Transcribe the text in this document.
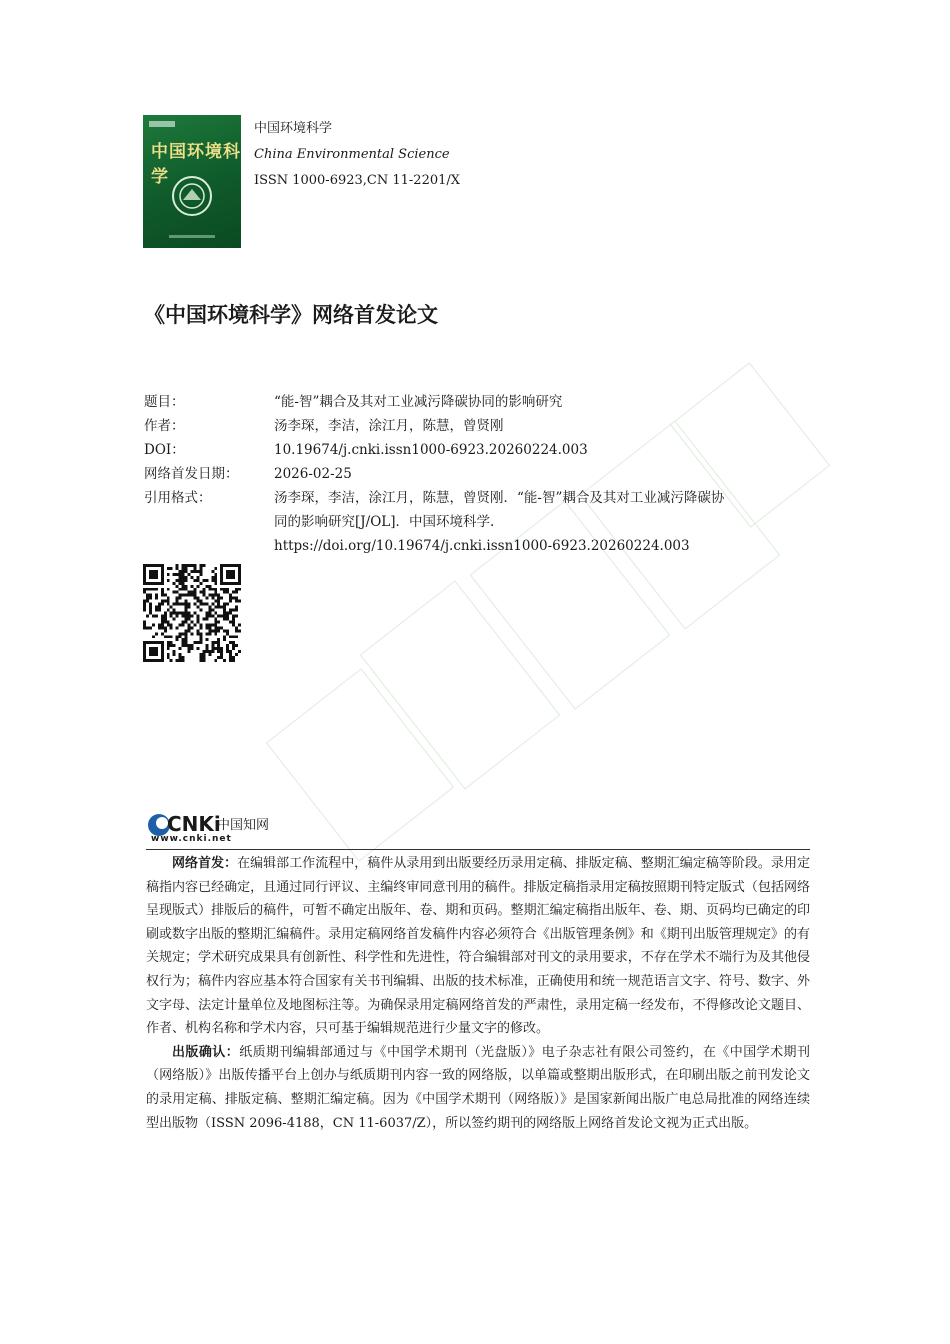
中国环境科学
中国环境科学
China Environmental Science
ISSN 1000-6923,CN 11-2201/X
《中国环境科学》网络首发论文
题目：	“能-智”耦合及其对工业减污降碳协同的影响研究
作者：	汤李琛，李洁，涂江月，陈慧，曾贤刚
DOI：	10.19674/j.cnki.issn1000-6923.20260224.003
网络首发日期：	2026-02-25
引用格式：	汤李琛，李洁，涂江月，陈慧，曾贤刚．“能-智”耦合及其对工业减污降碳协
同的影响研究[J/OL]．中国环境科学.
https://doi.org/10.19674/j.cnki.issn1000-6923.20260224.003
CNKi
中国知网
www.cnki.net

网络首发：在编辑部工作流程中，稿件从录用到出版要经历录用定稿、排版定稿、整期汇编定稿等阶段。录用定稿指内容已经确定，且通过同行评议、主编终审同意刊用的稿件。排版定稿指录用定稿按照期刊特定版式（包括网络呈现版式）排版后的稿件，可暂不确定出版年、卷、期和页码。整期汇编定稿指出版年、卷、期、页码均已确定的印刷或数字出版的整期汇编稿件。录用定稿网络首发稿件内容必须符合《出版管理条例》和《期刊出版管理规定》的有关规定；学术研究成果具有创新性、科学性和先进性，符合编辑部对刊文的录用要求，不存在学术不端行为及其他侵权行为；稿件内容应基本符合国家有关书刊编辑、出版的技术标准，正确使用和统一规范语言文字、符号、数字、外文字母、法定计量单位及地图标注等。为确保录用定稿网络首发的严肃性，录用定稿一经发布，不得修改论文题目、作者、机构名称和学术内容，只可基于编辑规范进行少量文字的修改。

出版确认：纸质期刊编辑部通过与《中国学术期刊（光盘版）》电子杂志社有限公司签约，在《中国学术期刊（网络版）》出版传播平台上创办与纸质期刊内容一致的网络版，以单篇或整期出版形式，在印刷出版之前刊发论文的录用定稿、排版定稿、整期汇编定稿。因为《中国学术期刊（网络版）》是国家新闻出版广电总局批准的网络连续型出版物（ISSN 2096-4188，CN 11-6037/Z），所以签约期刊的网络版上网络首发论文视为正式出版。
